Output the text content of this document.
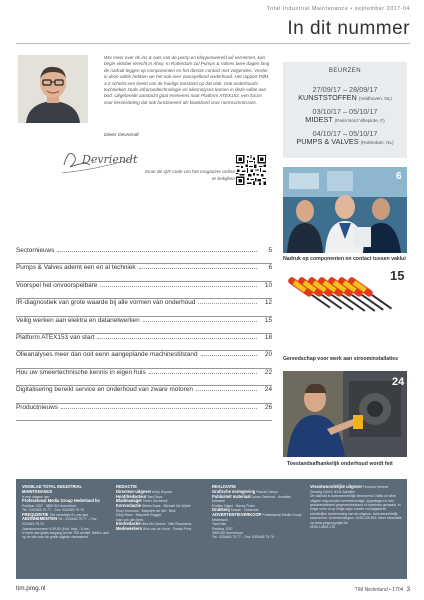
Total Industrial Maintenance • september 2017-04
In dit nummer
Wie meer over de ins & outs van de pomp en kleppenwereld wil vernemen, kan begin oktober terecht in Ahoy. In Rotterdam zal Pumps & Valves twee dagen lang de nadruk leggen op componenten en het directe contact met volgenden. Verder in deze editie hebben we het ook over voorspellend onderhoud. Het rapport PdM 4.0 schetst een beeld van de huidige toestand op dat vlak. Ook onderhouds-technieken zoals infraroodtechnologie en oliesnalyses komen in deze editie aan bod. Uitgebreide aandacht gaat eveneens naar Platform ATEX153, een forum voor kennisdeling dat ook functioneert als klankbord voor normcommissies.
Dieter Devriendt
Devriendt
Scan de QR-code om het magazine online te bekijken
BEURZEN
27/09/17 – 28/09/17
KUNSTSTOFFEN (Veldhoven, NL)
03/10/17 – 05/10/17
MIDEST (Paris Nord Villepinte, F)
04/10/17 – 05/10/17
PUMPS & VALVES (Rotterdam, NL)
Nadruk op componenten en contact tussen vaklui
6
15
Gereedschap voor werk aan stroominstallaties
24
Toestandsafhankelijk onderhoud wordt feit
Sectornieuws	5
Pumps & Valves ademt een en al techniek	6
Voorspel het onvoorspelbare	10
IR-diagnostiek van grote waarde bij alle vormen van onderhoud	12
Veilig werken aan elektra en datanetwerken	15
Platform ATEX153 van start	18
Olieanalyses meer dan ooit eenn aangeplande machinestilstand	20
Hou uw smeertechnische kennis in eigen huis	22
Digitalisering bereikt service en onderhoud van zware motoren	24
Productnieuws	26
VAKBLAD TOTAL INDUSTRIAL MAINTENANCE
is een uitgave van
Professional Media Group Nederland bv Postbus 1297 · 3800 BG Amersfoort
Tel.: 033/463.79.77 – Fax: 033/463.79.76
FREQUENTIE TIM verschijnt 8 x per jaar
ABONNEMENTEN Tel.: 033/463.79.77 – Fax: 033/463.79.76
Jaarabonnement: € 59,50 (Excl. btw) – 5 nrs.
U heeft dan gratis toegang tot het TIM archief. Meld u aan op de site voor de gratis digitale nieuwsbrief
REDACTIE
Directeur-uitgever Andy Hoynck
Hoofdredacteur Bart Deys
Bladmanager Dieter Devriendt
Kernredactie Wiebe Daas · Michael De Wylde
Roxy Hoorman · Marjolein de Wit · Blok
Eddy Raes · Marjolein Rogger
Ivan van den Berk
Eindredactie Mira De Greeve · Nils Rosemans
Medewerkers Wim van de Hove · Tineke Prins
REALISATIE
Grafische vormgeving Pascal Claeys
Publiciteit materiaal Johan Teerlinck · Annelies Debaere
Evelien Sabel · Nancy Priem
Drukkerij Kwaak · Oostende
ADVERTENTIEVERKOOP Professional Media Group Nederland
Tom Kats
Postbus 1297
3800 BG Amersfoort
Tel.: 033/463.79.77 – Fax: 033/463.79.76
Verantwoordelijke uitgever Fernand Vereme
Zeeweg Zuid 5, 8211 Aartrijke
Dit vakblad is auteursrechtelijk beschermd. Niets uit deze uitgave mag worden verveelvoudigd, opgeslagen in een geautomatiseerd gegevensbestand of openbaar gemaakt, in enige vorm of op enige wijze zonder voorafgaande schriftelijke toestemming van de uitgever. Auteursrechtelijk beschermd. Ondernemingsnr. 0426.228.843. Meer informatie op www.pmgcopyright.be
ISSN 13823-178
tim.pmg.nl	TIM Nederland • 1704 3
